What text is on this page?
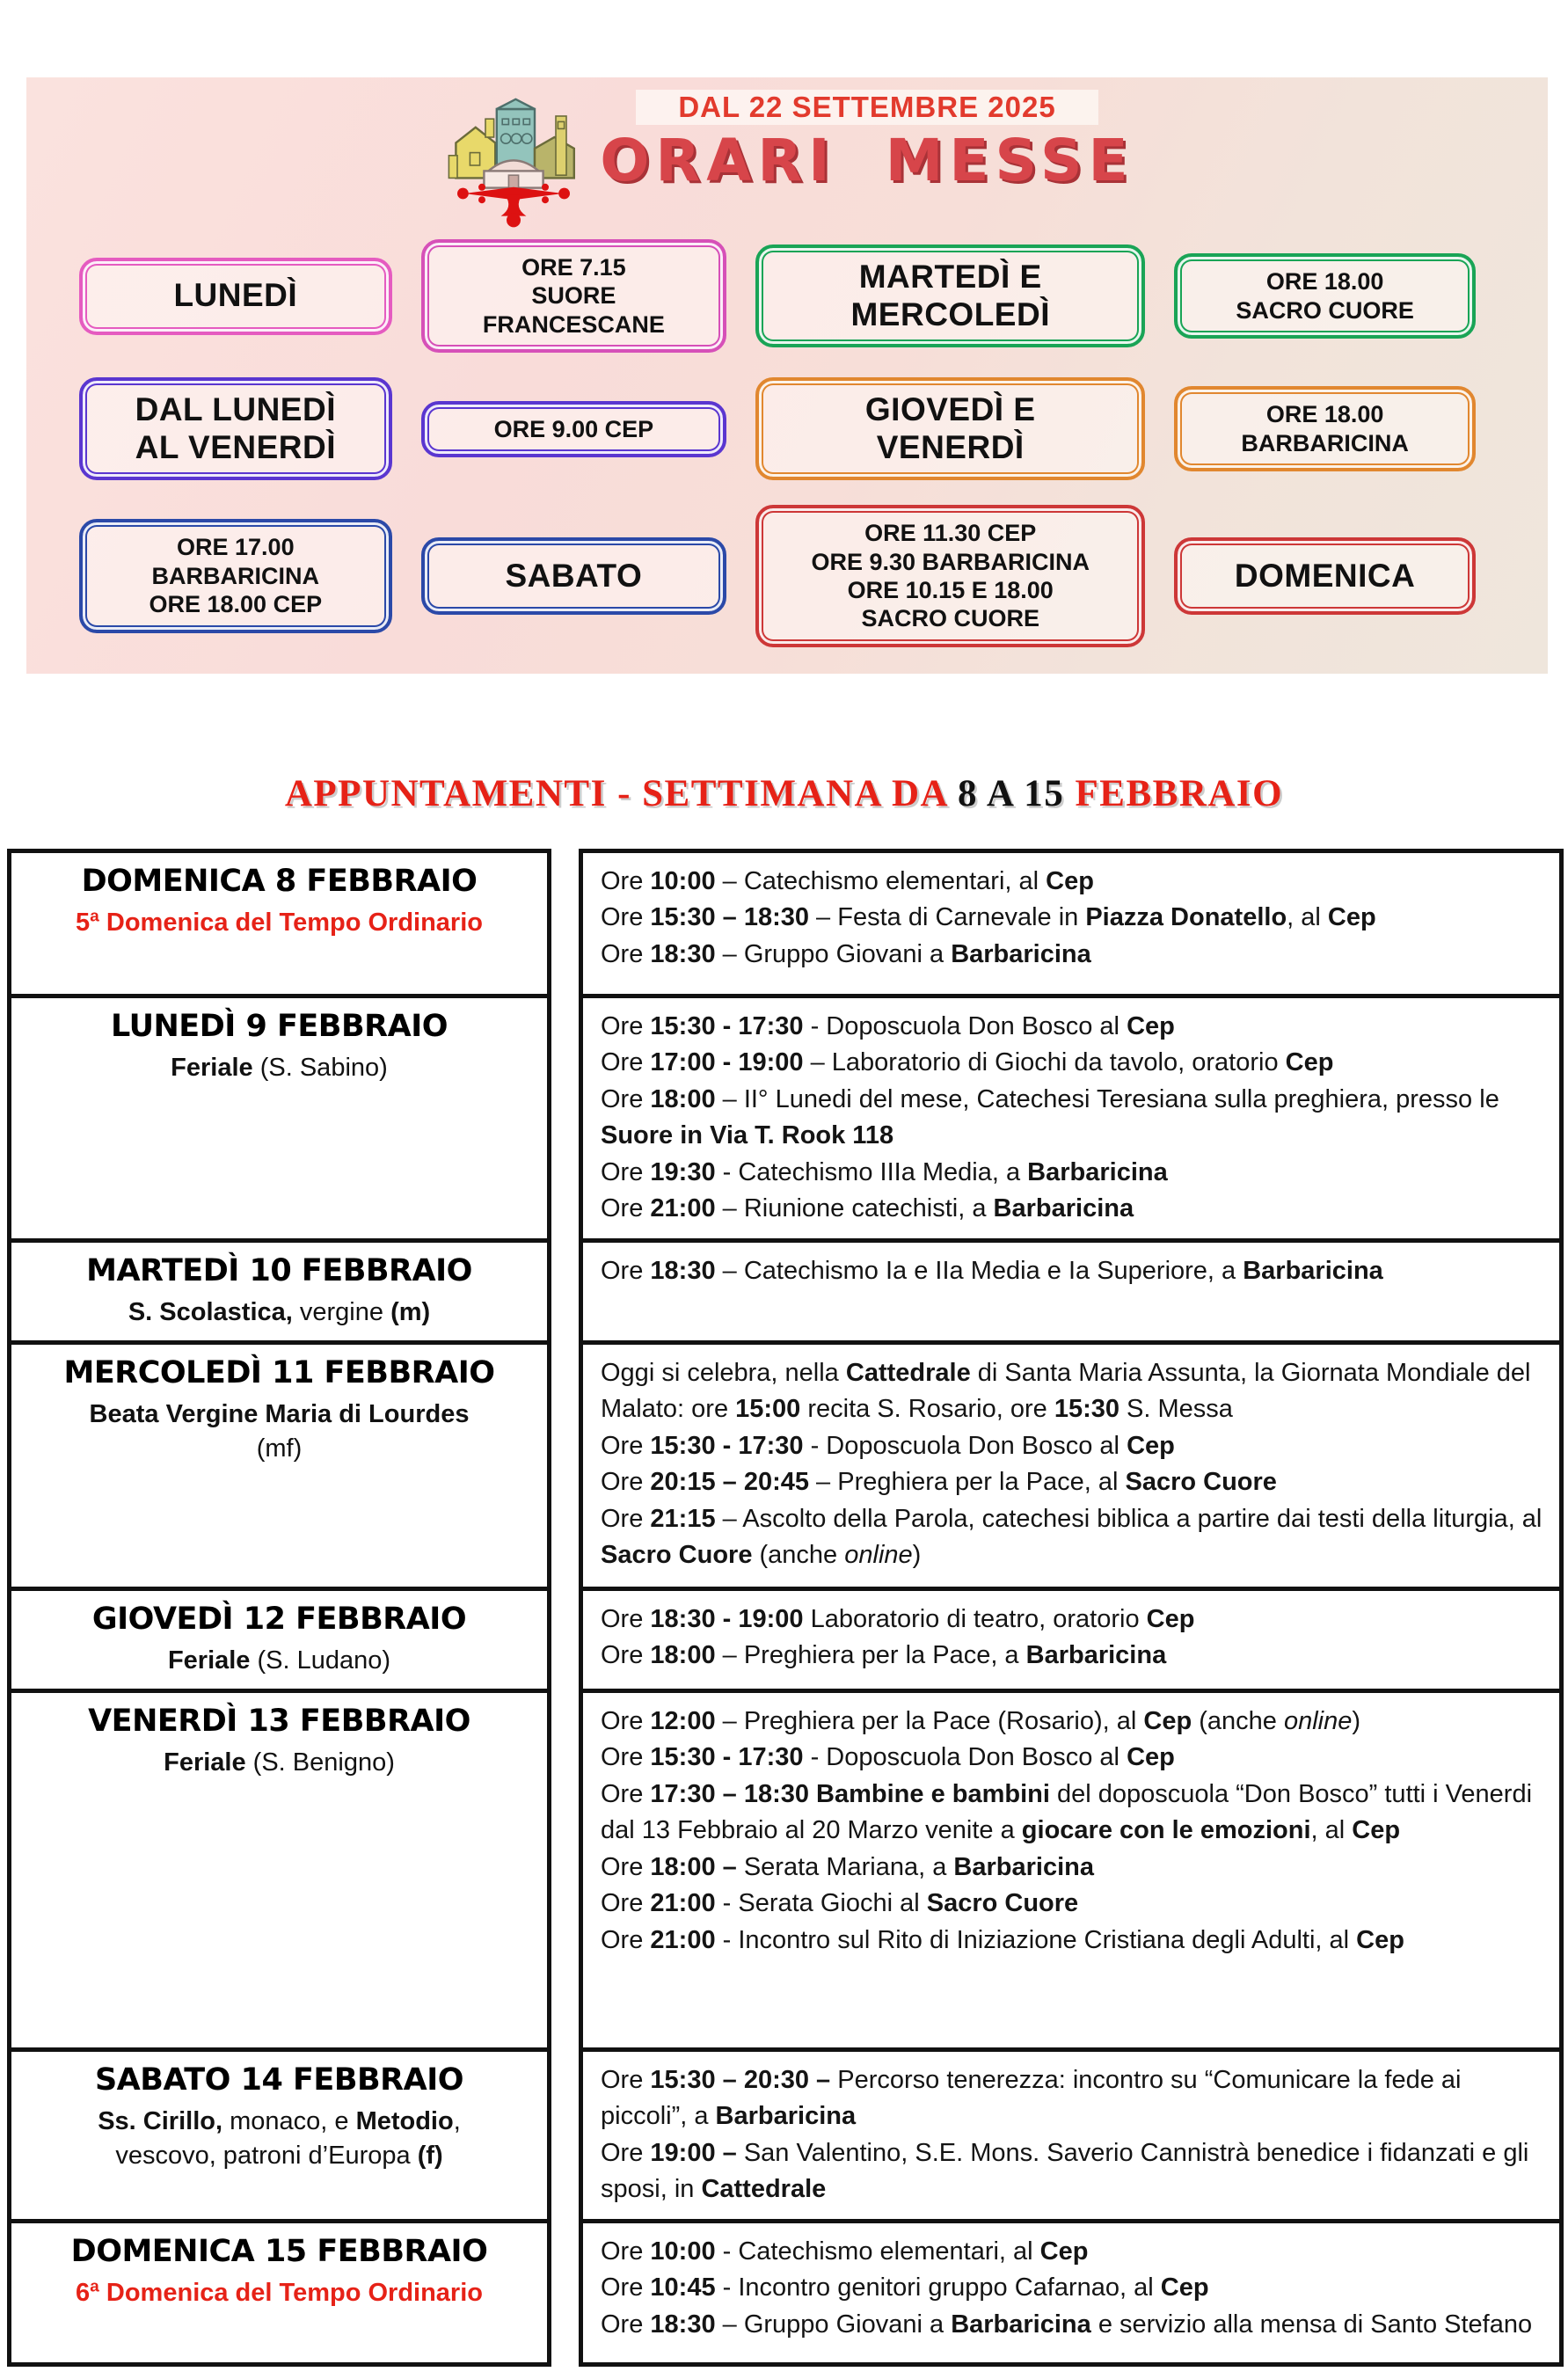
DAL 22 SETTEMBRE 2025
ORARI MESSE
LUNEDÌ
ORE 7.15
SUORE
FRANCESCANE
MARTEDÌ E
MERCOLEDÌ
ORE 18.00
SACRO CUORE
DAL LUNEDÌ
AL VENERDÌ
ORE 9.00 CEP
GIOVEDÌ E
VENERDÌ
ORE 18.00
BARBARICINA
ORE 17.00
BARBARICINA
ORE 18.00 CEP
SABATO
ORE 11.30 CEP
ORE 9.30 BARBARICINA
ORE 10.15 E 18.00
SACRO CUORE
DOMENICA
APPUNTAMENTI - SETTIMANA DA 8 A 15 FEBBRAIO
DOMENICA 8 FEBBRAIO
5ª Domenica del Tempo Ordinario
Ore 10:00 – Catechismo elementari, al Cep
Ore 15:30 – 18:30 – Festa di Carnevale in Piazza Donatello, al Cep
Ore 18:30 – Gruppo Giovani a Barbaricina
LUNEDÌ 9 FEBBRAIO
Feriale (S. Sabino)
Ore 15:30 - 17:30 - Doposcuola Don Bosco al Cep
Ore 17:00 - 19:00 – Laboratorio di Giochi da tavolo, oratorio Cep
Ore 18:00 – II° Lunedi del mese, Catechesi Teresiana sulla preghiera, presso le Suore in Via T. Rook 118
Ore 19:30 - Catechismo IIIa Media, a Barbaricina
Ore 21:00 – Riunione catechisti, a Barbaricina
MARTEDÌ 10 FEBBRAIO
S. Scolastica, vergine (m)
Ore 18:30 – Catechismo Ia e IIa Media e Ia Superiore, a Barbaricina
MERCOLEDÌ 11 FEBBRAIO
Beata Vergine Maria di Lourdes
(mf)
Oggi si celebra, nella Cattedrale di Santa Maria Assunta, la Giornata Mondiale del Malato: ore 15:00 recita S. Rosario, ore 15:30 S. Messa
Ore 15:30 - 17:30 - Doposcuola Don Bosco al Cep
Ore 20:15 – 20:45 – Preghiera per la Pace, al Sacro Cuore
Ore 21:15 – Ascolto della Parola, catechesi biblica a partire dai testi della liturgia, al Sacro Cuore (anche online)
GIOVEDÌ 12 FEBBRAIO
Feriale (S. Ludano)
Ore 18:30 - 19:00 Laboratorio di teatro, oratorio Cep
Ore 18:00 – Preghiera per la Pace, a Barbaricina
VENERDÌ 13 FEBBRAIO
Feriale (S. Benigno)
Ore 12:00 – Preghiera per la Pace (Rosario), al Cep (anche online)
Ore 15:30 - 17:30 - Doposcuola Don Bosco al Cep
Ore 17:30 – 18:30 Bambine e bambini del doposcuola “Don Bosco” tutti i Venerdi dal 13 Febbraio al 20 Marzo venite a giocare con le emozioni, al Cep
Ore 18:00 – Serata Mariana, a Barbaricina
Ore 21:00 - Serata Giochi al Sacro Cuore
Ore 21:00 - Incontro sul Rito di Iniziazione Cristiana degli Adulti, al Cep
SABATO 14 FEBBRAIO
Ss. Cirillo, monaco, e Metodio,
vescovo, patroni d’Europa (f)
Ore 15:30 – 20:30 – Percorso tenerezza: incontro su “Comunicare la fede ai piccoli”, a Barbaricina
Ore 19:00 – San Valentino, S.E. Mons. Saverio Cannistrà benedice i fidanzati e gli sposi, in Cattedrale
DOMENICA 15 FEBBRAIO
6ª Domenica del Tempo Ordinario
Ore 10:00 - Catechismo elementari, al Cep
Ore 10:45 - Incontro genitori gruppo Cafarnao, al Cep
Ore 18:30 – Gruppo Giovani a Barbaricina e servizio alla mensa di Santo Stefano
